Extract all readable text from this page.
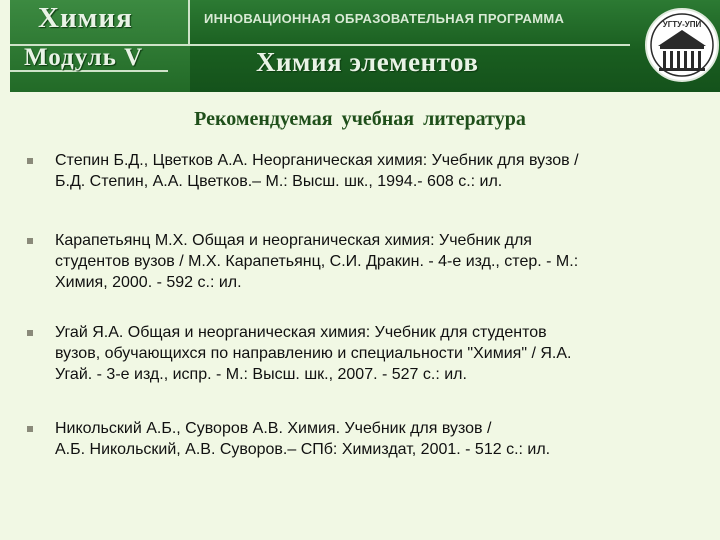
Химия
Модуль V
ИННОВАЦИОННАЯ ОБРАЗОВАТЕЛЬНАЯ ПРОГРАММА
Химия элементов
УГТУ-УПИ
Рекомендуемая учебная литература
Степин Б.Д., Цветков А.А. Неорганическая химия: Учебник для вузов /
Б.Д. Степин, А.А. Цветков.– М.: Высш. шк., 1994.- 608 с.: ил.
Карапетьянц М.Х. Общая и неорганическая химия: Учебник для
студентов вузов / М.Х. Карапетьянц, С.И. Дракин. - 4-е изд., стер. - М.:
Химия, 2000. - 592 с.: ил.
Угай Я.А. Общая и неорганическая химия: Учебник для студентов
вузов, обучающихся по направлению и специальности "Химия" / Я.А.
Угай. - 3-е изд., испр. - М.: Высш. шк., 2007. - 527 с.: ил.
Никольский А.Б., Суворов А.В. Химия. Учебник для вузов /
А.Б. Никольский, А.В. Суворов.– СПб: Химиздат, 2001. - 512 с.: ил.
